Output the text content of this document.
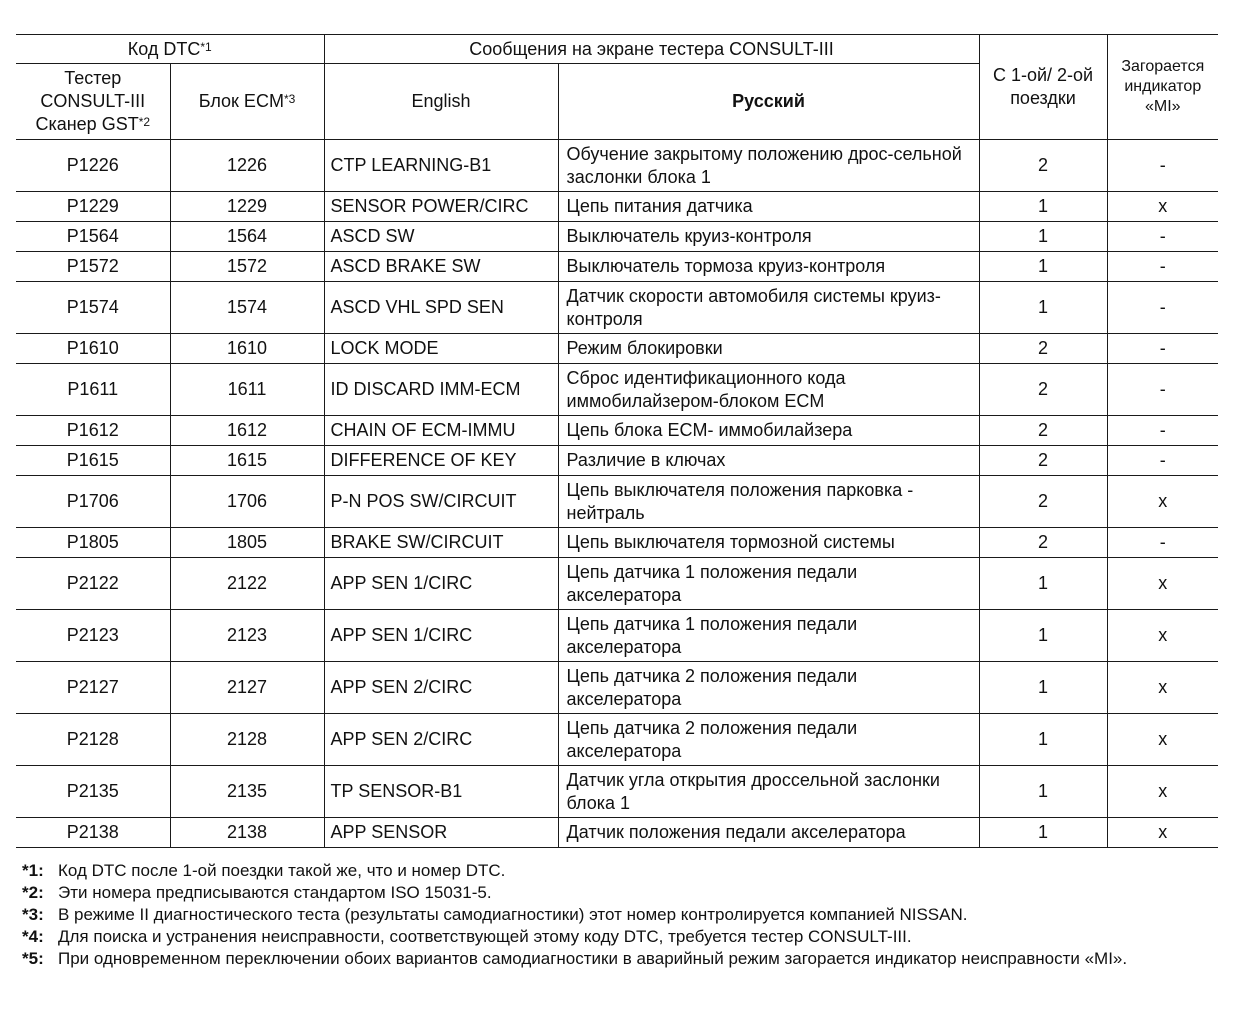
Код DTC$^{*1}$		Сообщения на экране тестера CONSULT-III		С 1-ой/ 2-ой поездки	Загорается индикатор «MI»
Тестер CONSULT-III Сканер GST$^{*2}$	Блок ECM$^{*3}$	English	Русский		
P1226	1226	CTP LEARNING-B1	Обучение закрытому положению дрос-сельной заслонки блока 1	2	-
P1229	1229	SENSOR POWER/CIRC	Цепь питания датчика	1	x
P1564	1564	ASCD SW	Выключатель круиз-контроля	1	-
P1572	1572	ASCD BRAKE SW	Выключатель тормоза круиз-контроля	1	-
P1574	1574	ASCD VHL SPD SEN	Датчик скорости автомобиля системы круиз-контроля	1	-
P1610	1610	LOCK MODE	Режим блокировки	2	-
P1611	1611	ID DISCARD IMM-ECM	Сброс идентификационного кода иммобилайзером-блоком ECM	2	-
P1612	1612	CHAIN OF ECM-IMMU	Цепь блока ECM- иммобилайзера	2	-
P1615	1615	DIFFERENCE OF KEY	Различие в ключах	2	-
P1706	1706	P-N POS SW/CIRCUIT	Цепь выключателя положения парковка - нейтраль	2	x
P1805	1805	BRAKE SW/CIRCUIT	Цепь выключателя тормозной системы	2	-
P2122	2122	APP SEN 1/CIRC	Цепь датчика 1 положения педали акселератора	1	x
P2123	2123	APP SEN 1/CIRC	Цепь датчика 1 положения педали акселератора	1	x
P2127	2127	APP SEN 2/CIRC	Цепь датчика 2 положения педали акселератора	1	x
P2128	2128	APP SEN 2/CIRC	Цепь датчика 2 положения педали акселератора	1	x
P2135	2135	TP SENSOR-B1	Датчик угла открытия дроссельной заслонки блока 1	1	x
P2138	2138	APP SENSOR	Датчик положения педали акселератора	1	x
*1: Код DTC после 1-ой поездки такой же, что и номер DTC.
*2: Эти номера предписываются стандартом ISO 15031-5.
*3: В режиме II диагностического теста (результаты самодиагностики) этот номер контролируется компанией NISSAN.
*4: Для поиска и устранения неисправности, соответствующей этому коду DTC, требуется тестер CONSULT-III.
*5: При одновременном переключении обоих вариантов самодиагностики в аварийный режим загорается индикатор неисправности «MI».
